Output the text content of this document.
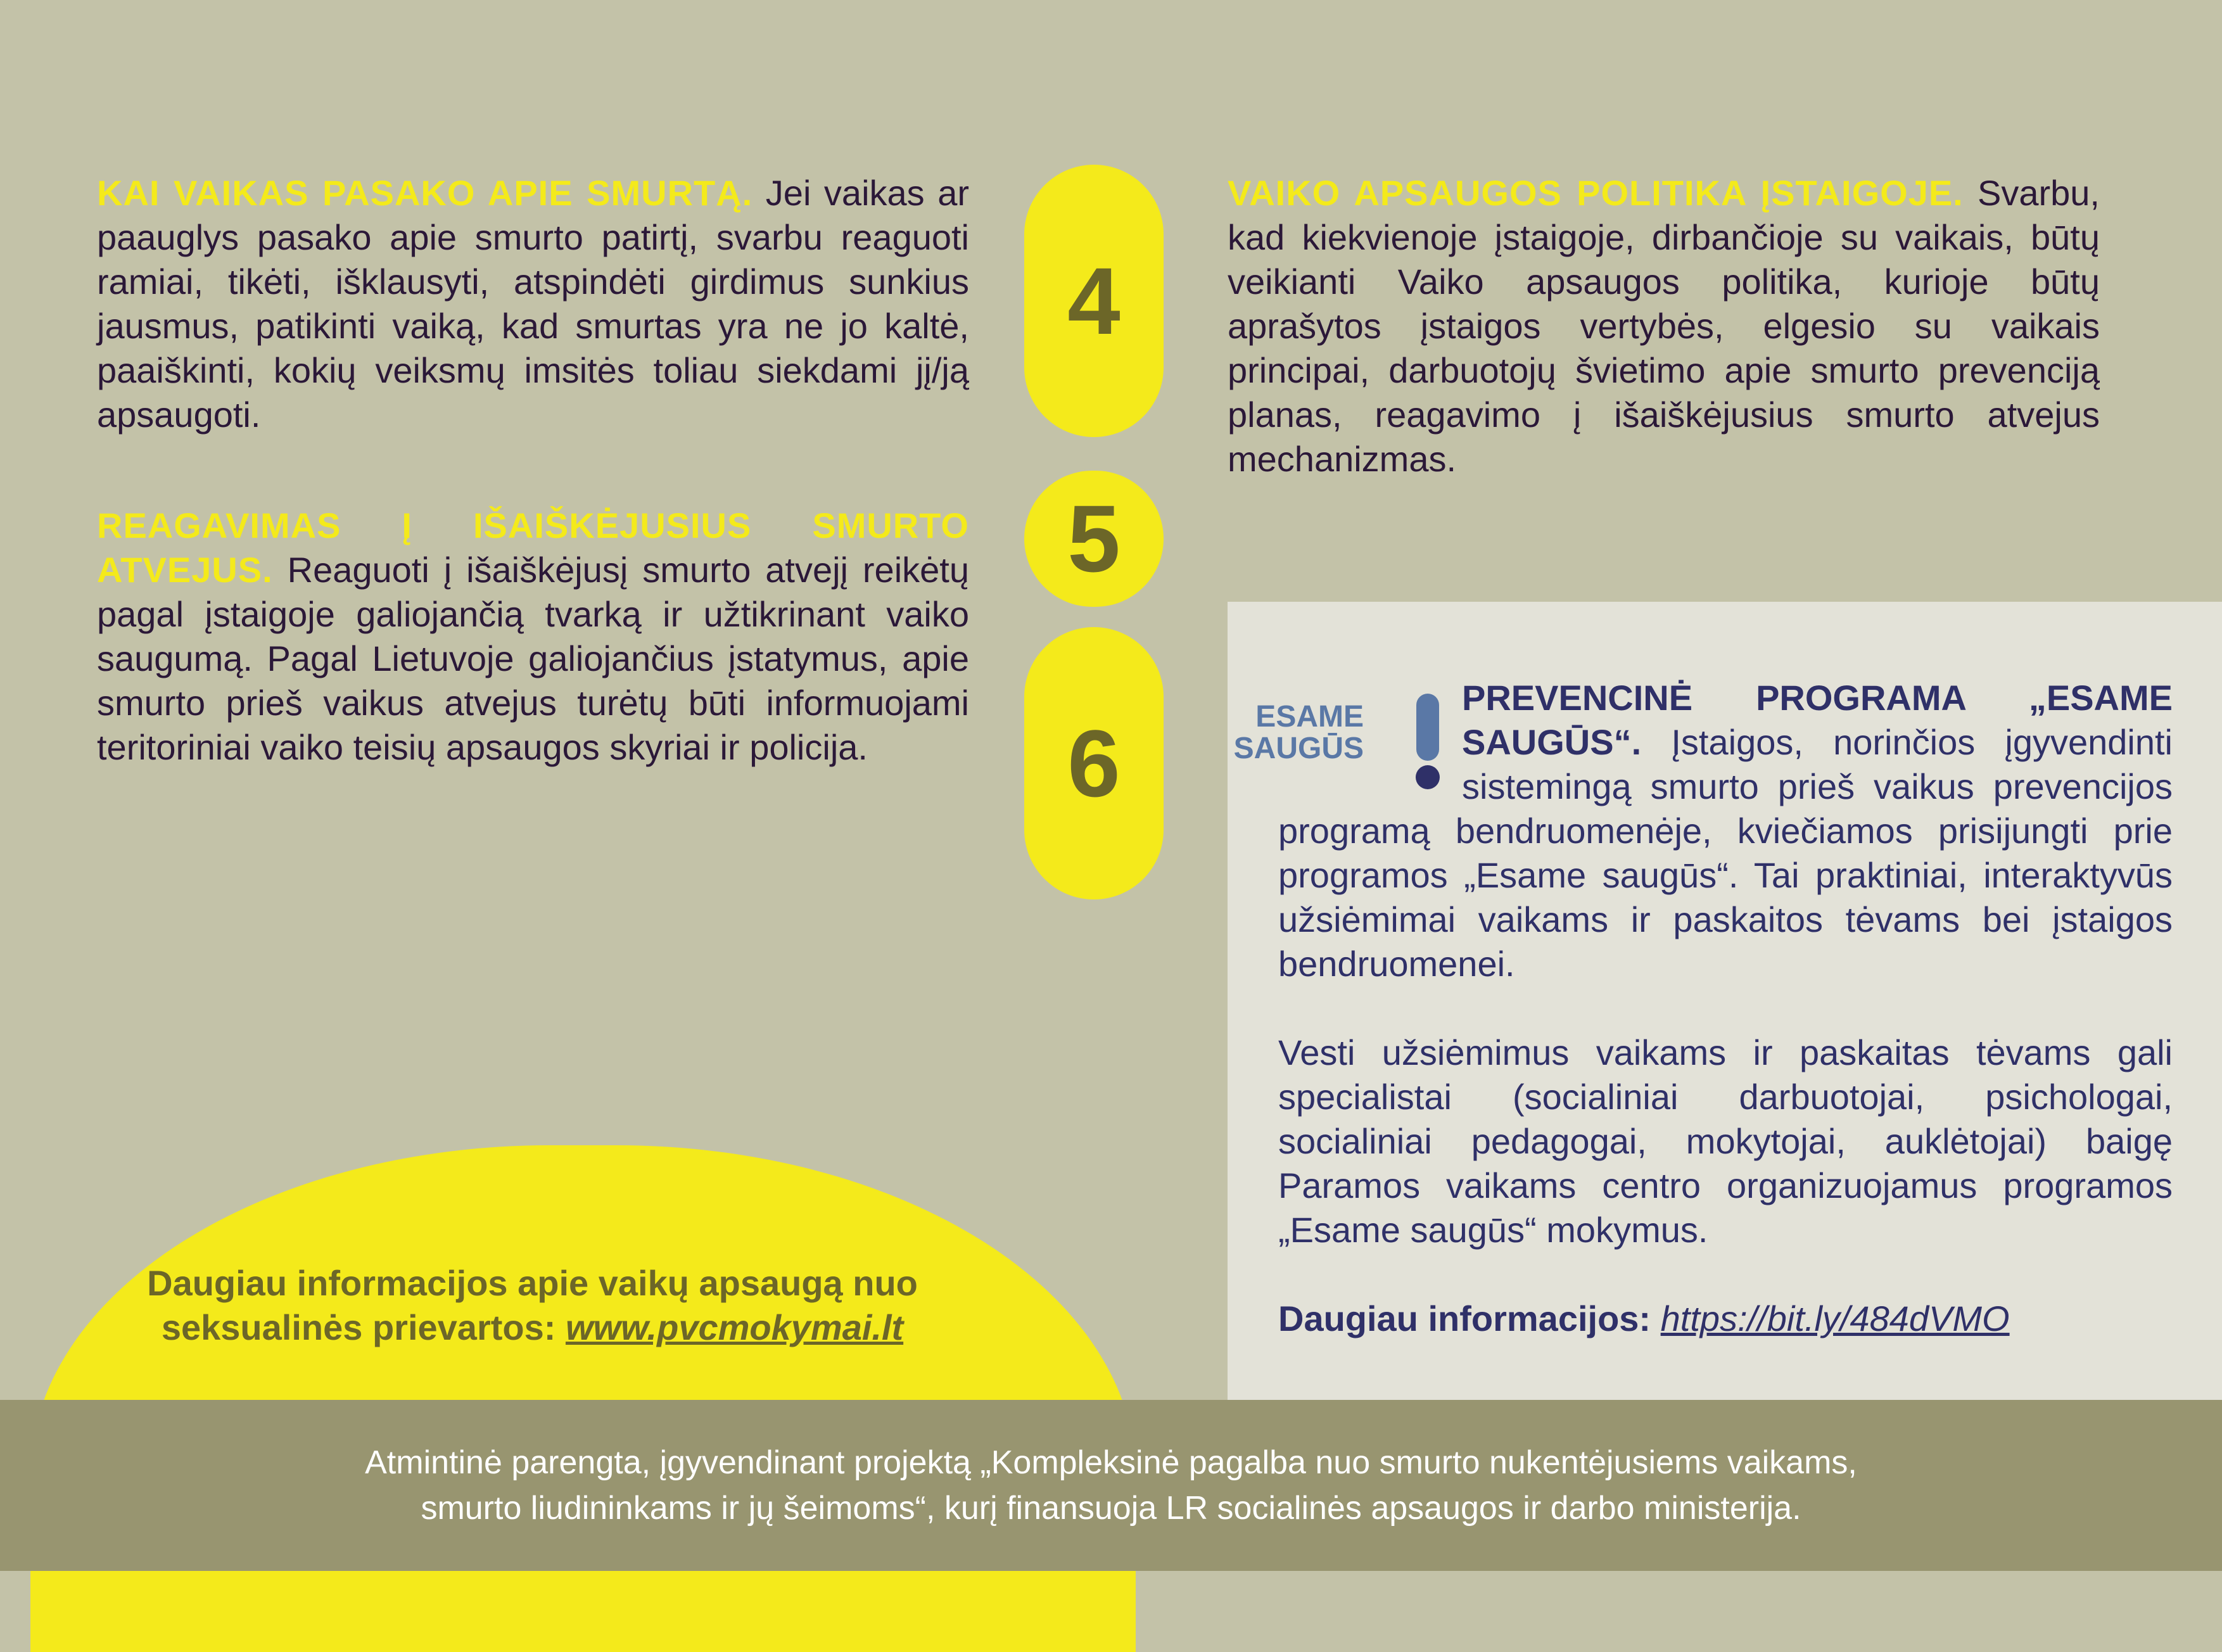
KAI VAIKAS PASAKO APIE SMURTĄ. Jei vaikas ar paauglys pasako apie smurto patirtį, svarbu reaguoti ramiai, tikėti, išklausyti, atspindėti girdimus sunkius jausmus, patikinti vaiką, kad smurtas yra ne jo kaltė, paaiškinti, kokių veiksmų imsitės toliau siekdami jį/ją apsaugoti.
REAGAVIMAS Į IŠAIŠKĖJUSIUS SMURTO ATVEJUS. Reaguoti į išaiškėjusį smurto atvejį reikėtų pagal įstaigoje galiojančią tvarką ir užtikrinant vaiko saugumą. Pagal Lietuvoje galiojančius įstatymus, apie smurto prieš vaikus atvejus turėtų būti informuojami teritoriniai vaiko teisių apsaugos skyriai ir policija.
4
5
6
VAIKO APSAUGOS POLITIKA ĮSTAIGOJE. Svarbu, kad kiekvienoje įstaigoje, dirbančioje su vaikais, būtų veikianti Vaiko apsaugos politika, kurioje būtų aprašytos įstaigos vertybės, elgesio su vaikais principai, darbuotojų švietimo apie smurto prevenciją planas, reagavimo į išaiškėjusius smurto atvejus mechanizmas.
ESAME
SAUGŪS

PREVENCINĖ PROGRAMA „ESAME SAUGŪS“. Įstaigos, norinčios įgyvendinti sistemingą smurto prieš vaikus prevencijos programą bendruomenėje, kviečiamos prisijungti prie programos „Esame saugūs“. Tai praktiniai, interaktyvūs užsiėmimai vaikams ir paskaitos tėvams bei įstaigos bendruomenei.

Vesti užsiėmimus vaikams ir paskaitas tėvams gali specialistai (socialiniai darbuotojai, psichologai, socialiniai pedagogai, mokytojai, auklėtojai) baigę Paramos vaikams centro organizuojamus programos „Esame saugūs“ mokymus.

Daugiau informacijos: https://bit.ly/484dVMO

Daugiau informacijos apie vaikų apsaugą nuo
seksualinės prievartos: www.pvcmokymai.lt
Atmintinė parengta, įgyvendinant projektą „Kompleksinė pagalba nuo smurto nukentėjusiems vaikams,
smurto liudininkams ir jų šeimoms“, kurį finansuoja LR socialinės apsaugos ir darbo ministerija.
